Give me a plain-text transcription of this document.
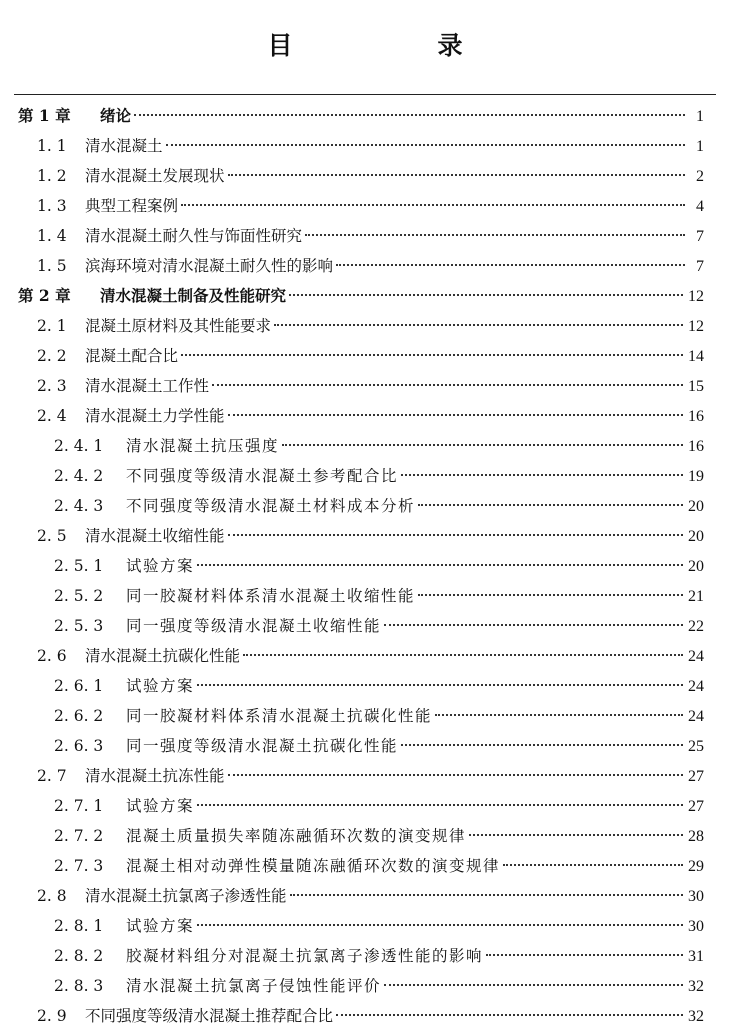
目　录
第 1 章	绪论	1
1. 1	清水混凝土	1
1. 2	清水混凝土发展现状	2
1. 3	典型工程案例	4
1. 4	清水混凝土耐久性与饰面性研究	7
1. 5	滨海环境对清水混凝土耐久性的影响	7
第 2 章	清水混凝土制备及性能研究	12
2. 1	混凝土原材料及其性能要求	12
2. 2	混凝土配合比	14
2. 3	清水混凝土工作性	15
2. 4	清水混凝土力学性能	16
2. 4. 1	清水混凝土抗压强度	16
2. 4. 2	不同强度等级清水混凝土参考配合比	19
2. 4. 3	不同强度等级清水混凝土材料成本分析	20
2. 5	清水混凝土收缩性能	20
2. 5. 1	试验方案	20
2. 5. 2	同一胶凝材料体系清水混凝土收缩性能	21
2. 5. 3	同一强度等级清水混凝土收缩性能	22
2. 6	清水混凝土抗碳化性能	24
2. 6. 1	试验方案	24
2. 6. 2	同一胶凝材料体系清水混凝土抗碳化性能	24
2. 6. 3	同一强度等级清水混凝土抗碳化性能	25
2. 7	清水混凝土抗冻性能	27
2. 7. 1	试验方案	27
2. 7. 2	混凝土质量损失率随冻融循环次数的演变规律	28
2. 7. 3	混凝土相对动弹性模量随冻融循环次数的演变规律	29
2. 8	清水混凝土抗氯离子渗透性能	30
2. 8. 1	试验方案	30
2. 8. 2	胶凝材料组分对混凝土抗氯离子渗透性能的影响	31
2. 8. 3	清水混凝土抗氯离子侵蚀性能评价	32
2. 9	不同强度等级清水混凝土推荐配合比	32
